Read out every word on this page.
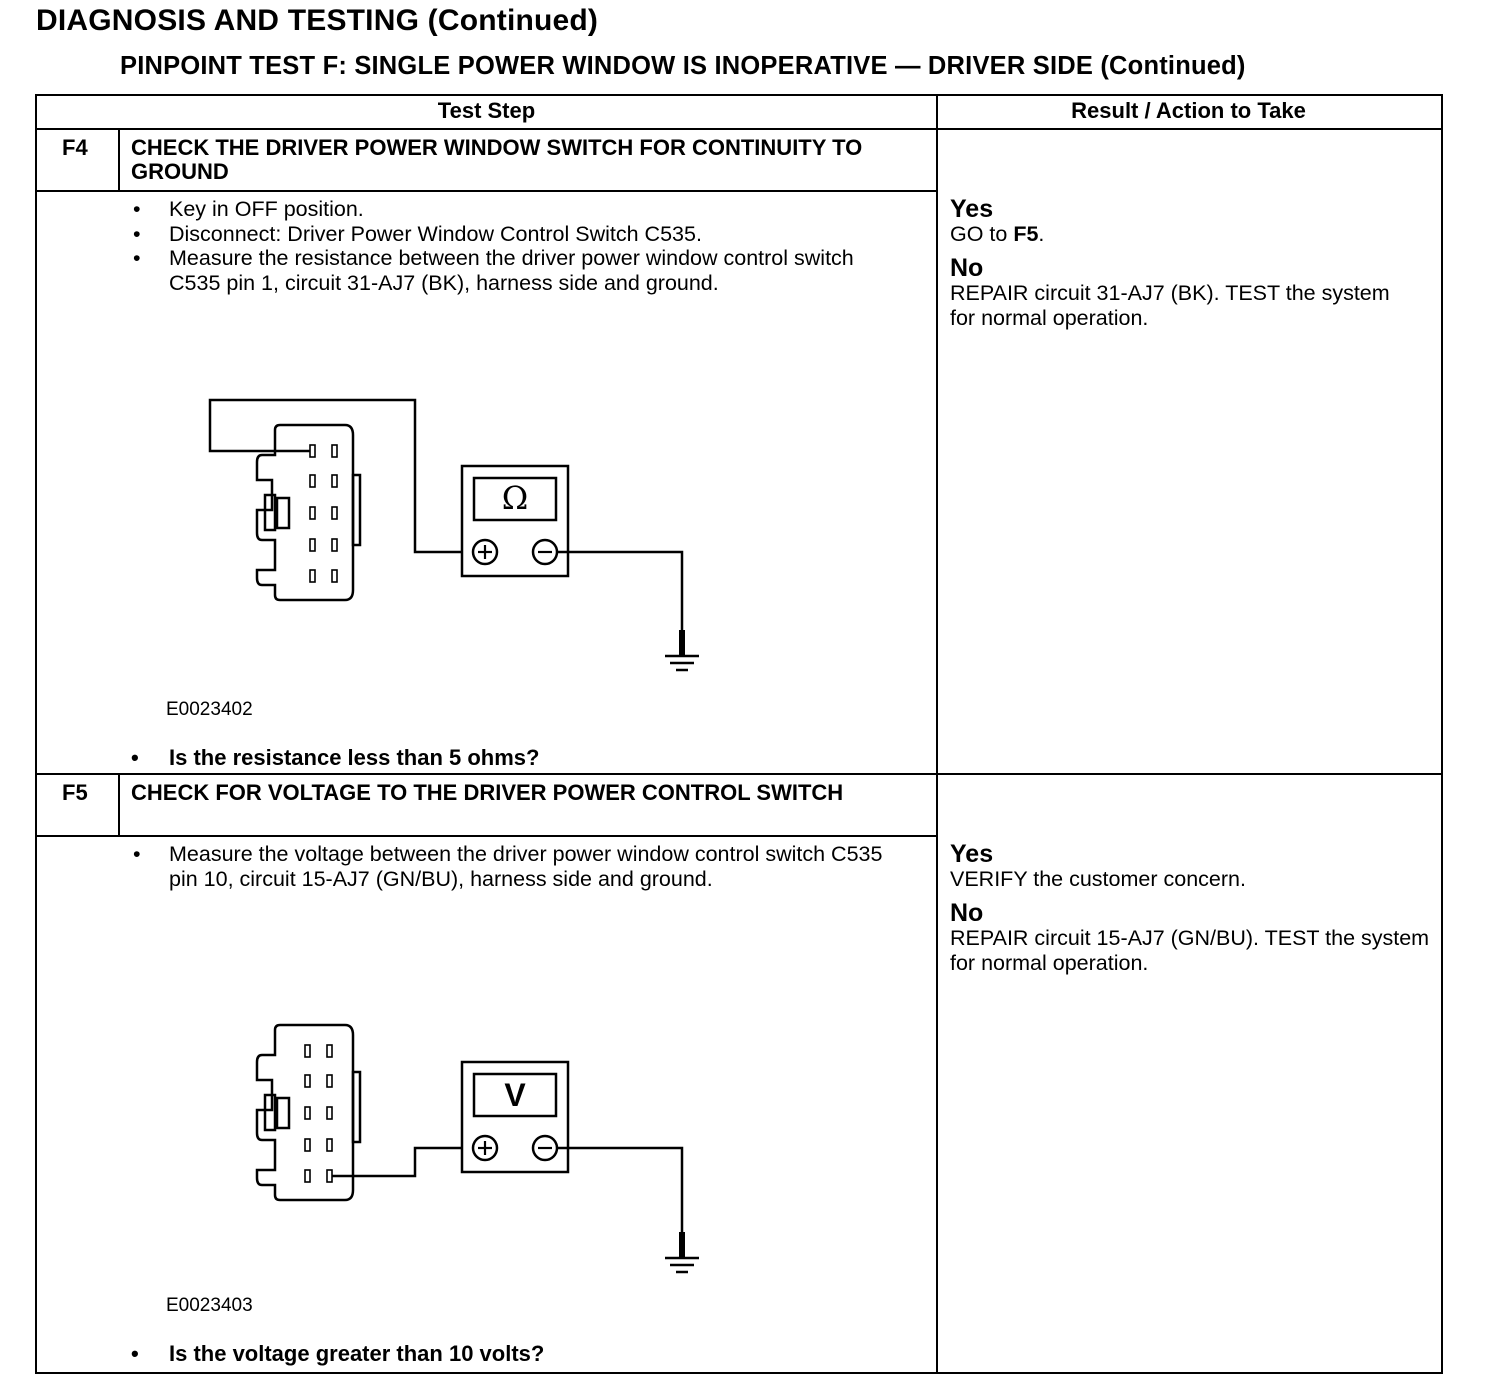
DIAGNOSIS AND TESTING (Continued)
PINPOINT TEST F: SINGLE POWER WINDOW IS INOPERATIVE — DRIVER SIDE (Continued)
Test Step	Result / Action to Take
F4 CHECK THE DRIVER POWER WINDOW SWITCH FOR CONTINUITY TO GROUND
• Key in OFF position.
• Disconnect: Driver Power Window Control Switch C535.
• Measure the resistance between the driver power window control switch C535 pin 1, circuit 31-AJ7 (BK), harness side and ground.
Ω
E0023402
• Is the resistance less than 5 ohms?
Yes
GO to F5.
No
REPAIR circuit 31-AJ7 (BK). TEST the system for normal operation.
F5 CHECK FOR VOLTAGE TO THE DRIVER POWER CONTROL SWITCH
• Measure the voltage between the driver power window control switch C535 pin 10, circuit 15-AJ7 (GN/BU), harness side and ground.
V
E0023403
• Is the voltage greater than 10 volts?
Yes
VERIFY the customer concern.
No
REPAIR circuit 15-AJ7 (GN/BU). TEST the system for normal operation.
